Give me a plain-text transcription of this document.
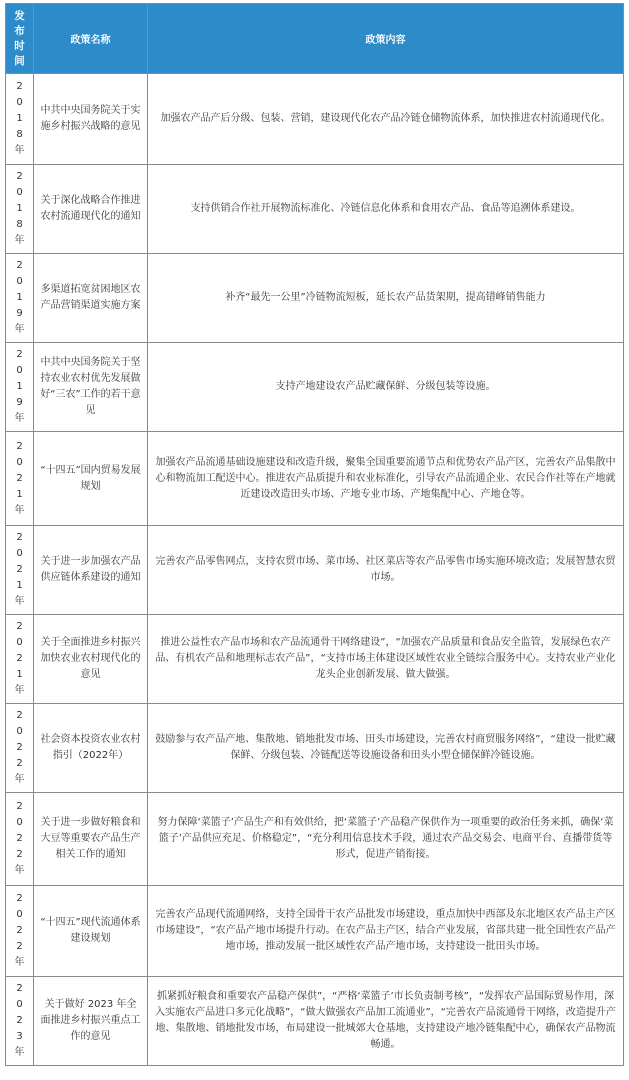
发布时间	政策名称	政策内容
2018年	中共中央国务院关于实施乡村振兴战略的意见	加强农产品产后分级、包装、营销，建设现代化农产品冷链仓储物流体系，加快推进农村流通现代化。
2018年	关于深化战略合作推进农村流通现代化的通知	支持供销合作社开展物流标准化、冷链信息化体系和食用农产品、食品等追溯体系建设。
2019年	多渠道拓宽贫困地区农产品营销渠道实施方案	补齐“最先一公里”冷链物流短板，延长农产品货架期，提高错峰销售能力
2019年	中共中央国务院关于坚持农业农村优先发展做好“三农”工作的若干意见	支持产地建设农产品贮藏保鲜、分级包装等设施。
2021年	“十四五”国内贸易发展规划	加强农产品流通基础设施建设和改造升级，聚集全国重要流通节点和优势农产品产区，完善农产品集散中心和物流加工配送中心。推进农产品质提升和农业标准化，引导农产品流通企业、农民合作社等在产地就近建设改造田头市场、产地专业市场、产地集配中心、产地仓等。
2021年	关于进一步加强农产品供应链体系建设的通知	完善农产品零售网点，支持农贸市场、菜市场、社区菜店等农产品零售市场实施环境改造；发展智慧农贸市场。
2021年	关于全面推进乡村振兴加快农业农村现代化的意见	推进公益性农产品市场和农产品流通骨干网络建设”，“加强农产品质量和食品安全监管，发展绿色农产品、有机农产品和地理标志农产品”，“支持市场主体建设区域性农业全链综合服务中心。支持农业产业化龙头企业创新发展、做大做强。
2022年	社会资本投资农业农村指引（2022年）	鼓励参与农产品产地、集散地、销地批发市场、田头市场建设，完善农村商贸服务网络”，“建设一批贮藏保鲜、分级包装、冷链配送等设施设备和田头小型仓储保鲜冷链设施。
2022年	关于进一步做好粮食和大豆等重要农产品生产相关工作的通知	努力保障‘菜篮子’产品生产和有效供给，把‘菜篮子’产品稳产保供作为一项重要的政治任务来抓，确保‘菜篮子’产品供应充足、价格稳定”，“充分利用信息技术手段，通过农产品交易会、电商平台、直播带货等形式，促进产销衔接。
2022年	“十四五”现代流通体系建设规划	完善农产品现代流通网络，支持全国骨干农产品批发市场建设，重点加快中西部及东北地区农产品主产区市场建设”，“农产品产地市场提升行动。在农产品主产区，结合产业发展，省部共建一批全国性农产品产地市场，推动发展一批区域性农产品产地市场，支持建设一批田头市场。
2023年	关于做好 2023 年全面推进乡村振兴重点工作的意见	抓紧抓好粮食和重要农产品稳产保供”，“严格‘菜篮子’市长负责制考核”，“发挥农产品国际贸易作用，深入实施农产品进口多元化战略”，“做大做强农产品加工流通业”，“完善农产品流通骨干网络，改造提升产地、集散地、销地批发市场，布局建设一批城郊大仓基地，支持建设产地冷链集配中心，确保农产品物流畅通。
